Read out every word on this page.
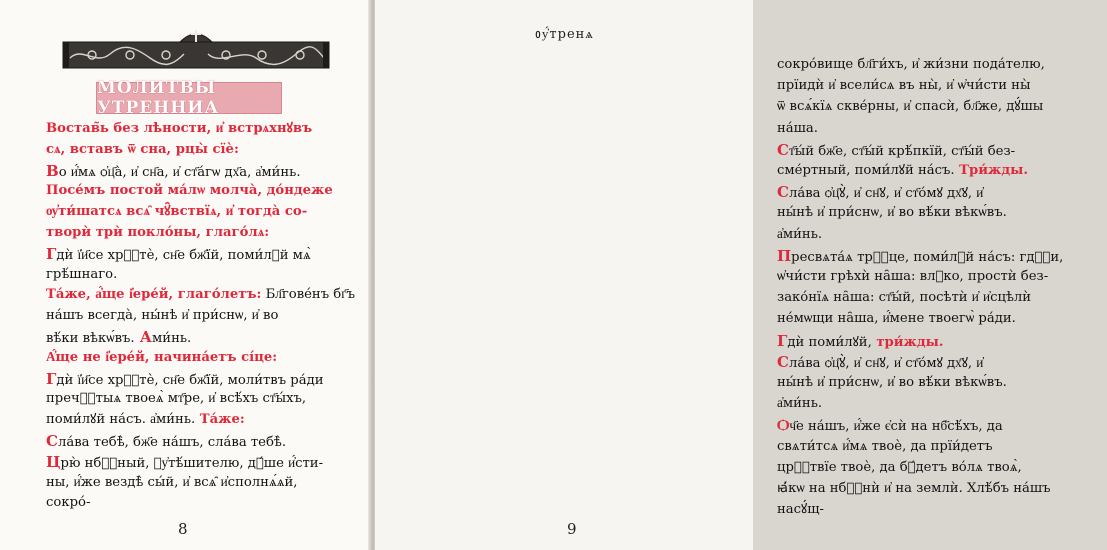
МОЛИТВЫ УТРЕННИА
Востав̃ь без лѣности, и҆ встрѧхнꙋвъ
сѧ, вставъ ѿ сна, рцы̀ сїѐ:
Во и҆́мѧ ѻ҆ц҃а̀, и҆ сн҃а, и҆ ст҃а́гѡ дх҃а, а҆ми́нь.
Посе́мъ постой ма́лѡ молча̀, до́ндеже
ѹ҆ти́шатсѧ всѧ̑ чꙋ̑вствїѧ, и҆ тогда̀ со-
творѝ трѝ покло́ны, глаго́лѧ:
Гдѝ ї҆и҃се хрⷭ҇тѐ, сн҃е бж҃їй, поми́лꙋй мѧ̀
грѣ́шнаго.
Та́же, а҆́ще і҆ере́й, глаго́летъ: Бл҃гове́нъ бг҃ъ
на́шъ всегда̀, ны́нѣ и҆ при́снѡ, и҆ во
вѣ́ки вѣкѡ́въ. Ами́нь.
А҆́ще не і҆ере́й, начина́етъ сі́це:
Гдѝ ї҆и҃се хрⷭ҇тѐ, сн҃е бж҃їй, моли́твъ ра́ди
пречⷭ҇тыѧ твоеѧ̀ мт҃ре, и҆ всѣ́хъ ст҃ы́хъ,
поми́лꙋй на́съ. а҆ми́нь. Та́же:
Сла́ва тебѣ̀, бж҃е на́шъ, сла́ва тебѣ̀.
Црю̀ нбⷭ҇ный, ᲂу҆тѣ́шителю, дꙋ́ше и҆́сти-
ны, и҆́же вездѣ̀ сы́й, и҆ всѧ̑ и҆сполнѧ́ѧй,
сокро́-
8
ᲂу҆́тренѧ
сокро́вище бл҃ги́хъ, и҆ жи́зни пода́телю,
прїидѝ и҆ всели́сѧ въ ны̀, и҆ ѡ҆чи́сти ны̀
ѿ всѧ́кїѧ скве́рны, и҆ спасѝ, бл҃же, дꙋ́шы
на́ша.
Ст҃ы́й бж҃е, ст҃ы́й крѣ́пкїй, ст҃ы́й без-
сме́ртный, поми́лꙋй на́съ. Три́жды.
Сла́ва ѻ҆ц҃ꙋ̀, и҆ сн҃ꙋ, и҆ ст҃о́мꙋ дх҃ꙋ, и҆
ны́нѣ и҆ при́снѡ, и҆ во вѣ́ки вѣкѡ́въ.
а҆ми́нь.
Пресвѧта́ѧ трⷪ҇це, поми́лꙋй на́съ: гдⷭ҇и,
ѡ҆чи́сти грѣхѝ на̑ша: влⷣко, простѝ без-
зако́нїѧ на̑ша: ст҃ы́й, посѣтѝ и҆ и҆сцѣлѝ
не́мѡщи на̑ша, и҆́мене твоегѡ̀ ра́ди.
Гдѝ поми́лꙋй, три́жды.
Сла́ва ѻ҆ц҃ꙋ̀, и҆ сн҃ꙋ, и҆ ст҃о́мꙋ дх҃ꙋ, и҆
ны́нѣ и҆ при́снѡ, и҆ во вѣ́ки вѣкѡ́въ.
а҆ми́нь.
Ѻч҃е на́шъ, и҆́же є҆сѝ на нб҃сѣ́хъ, да
свѧти́тсѧ и҆́мѧ твоѐ, да прїи́детъ
црⷭ҇твїе твоѐ, да бꙋ́детъ во́лѧ твоѧ̀,
ꙗ҆́кѡ на нбⷭ҇нѝ и҆ на землѝ. Хлѣ́бъ на́шъ
насꙋ́щ-
9
